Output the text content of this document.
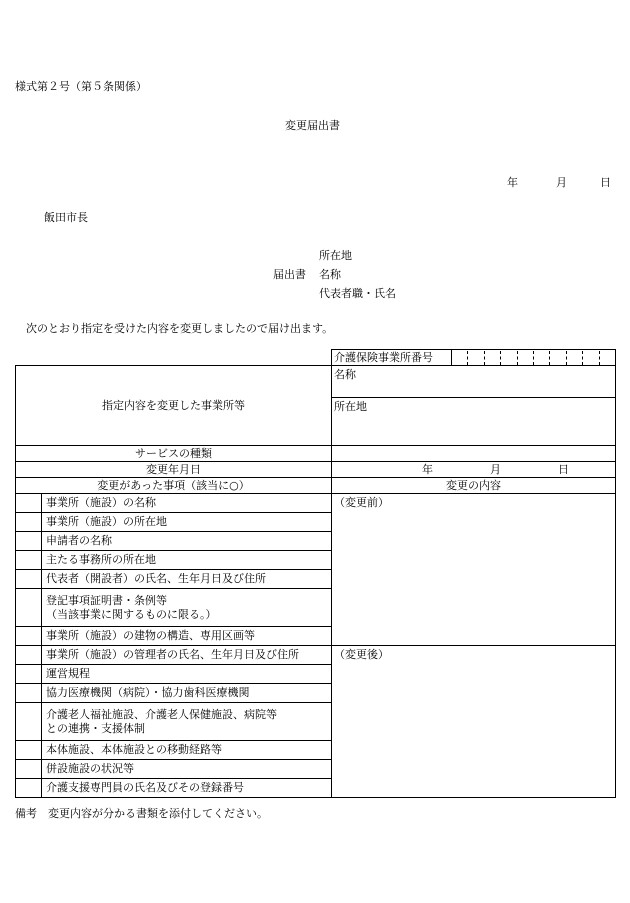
様式第２号（第５条関係）
変更届出書
年	月	日
飯田市長
所在地
届出書 名称
代表者職・氏名
次のとおり指定を受けた内容を変更しましたので届け出ます。
		介護保険事業所番号	

指定内容を変更した事業所等		名称	
		所在地	
サービスの種類			
変更年月日		年 月 日	

変更があった事項（該当に○）		変更の内容	
	事業所（施設）の名称	（変更前）	
	事業所（施設）の所在地		
	申請者の名称		
	主たる事務所の所在地		
	代表者（開設者）の氏名、生年月日及び住所		
	登記事項証明書・条例等
（当該事業に関するものに限る。）		
	事業所（施設）の建物の構造、専用区画等		
	事業所（施設）の管理者の氏名、生年月日及び住所	（変更後）	
	運営規程		
	協力医療機関（病院）・協力歯科医療機関		
	介護老人福祉施設、介護老人保健施設、病院等
との連携・支援体制		
	本体施設、本体施設との移動経路等		
	併設施設の状況等		
	介護支援専門員の氏名及びその登録番号		
備考　変更内容が分かる書類を添付してください。
